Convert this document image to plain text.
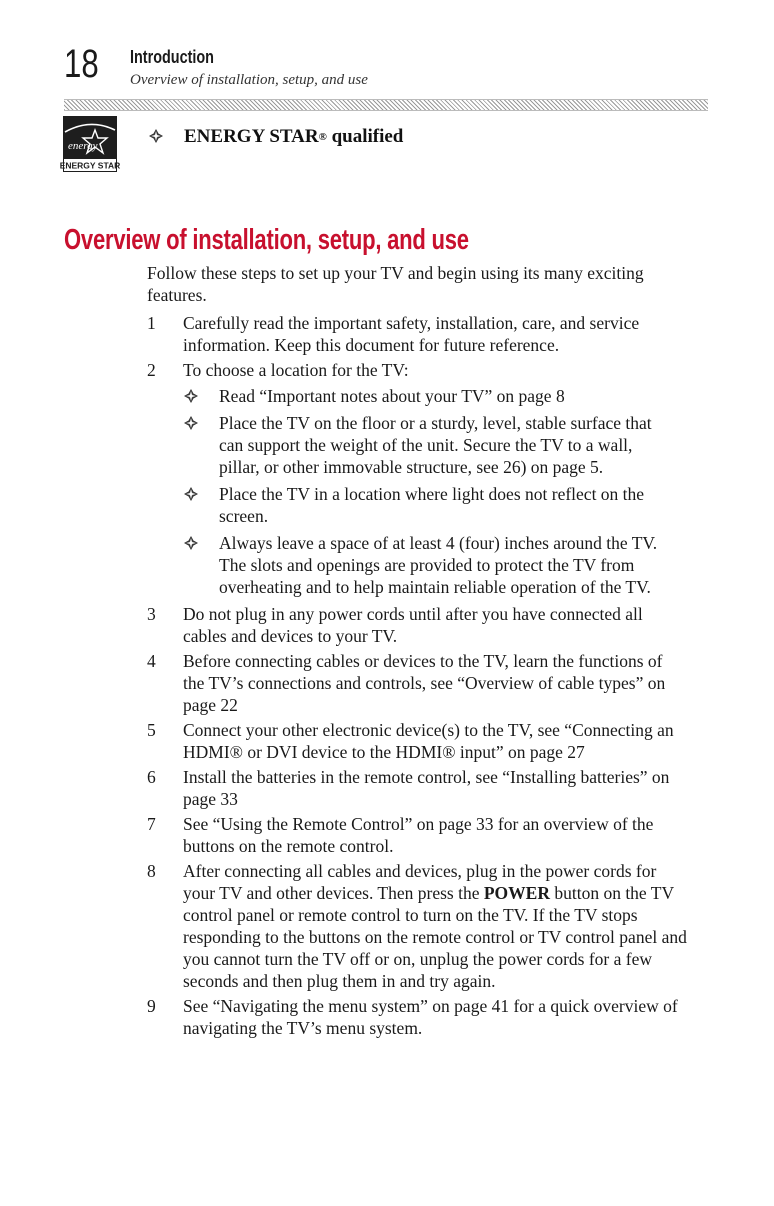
18 Introduction
Overview of installation, setup, and use
energy
ENERGY STAR
ENERGY STAR ® qualified
Overview of installation, setup, and use

Follow these steps to set up your TV and begin using its many exciting features.

1	Carefully read the important safety, installation, care, and service information. Keep this document for future reference.
2	To choose a location for the TV:
Read “Important notes about your TV” on page 8
Place the TV on the floor or a sturdy, level, stable surface that can support the weight of the unit. Secure the TV to a wall, pillar, or other immovable structure, see 26) on page 5.
Place the TV in a location where light does not reflect on the screen.
Always leave a space of at least 4 (four) inches around the TV. The slots and openings are provided to protect the TV from overheating and to help maintain reliable operation of the TV.
3	Do not plug in any power cords until after you have connected all cables and devices to your TV.
4	Before connecting cables or devices to the TV, learn the functions of the TV’s connections and controls, see “Overview of cable types” on page 22
5	Connect your other electronic device(s) to the TV, see “Connecting an HDMI® or DVI device to the HDMI® input” on page 27
6	Install the batteries in the remote control, see “Installing batteries” on page 33
7	See “Using the Remote Control” on page 33 for an overview of the buttons on the remote control.
8	After connecting all cables and devices, plug in the power cords for your TV and other devices. Then press the POWER button on the TV control panel or remote control to turn on the TV. If the TV stops responding to the buttons on the remote control or TV control panel and you cannot turn the TV off or on, unplug the power cords for a few seconds and then plug them in and try again.
9	See “Navigating the menu system” on page 41 for a quick overview of navigating the TV’s menu system.
